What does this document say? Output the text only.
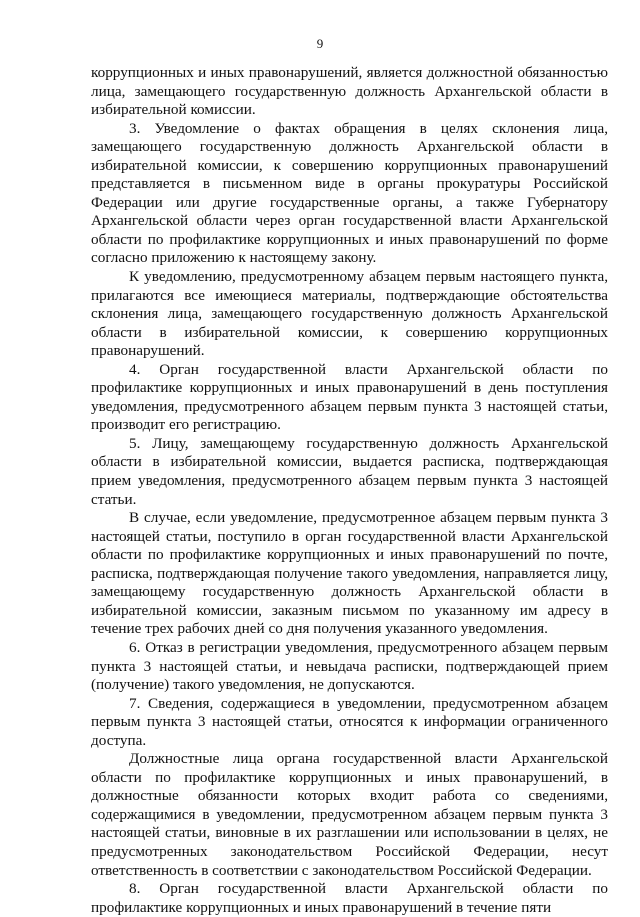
9

коррупционных и иных правонарушений, является должностной обязанностью лица, замещающего государственную должность Архангельской области в избирательной комиссии.

3. Уведомление о фактах обращения в целях склонения лица, замещающего государственную должность Архангельской области в избирательной комиссии, к совершению коррупционных правонарушений представляется в письменном виде в органы прокуратуры Российской Федерации или другие государственные органы, а также Губернатору Архангельской области через орган государственной власти Архангельской области по профилактике коррупционных и иных правонарушений по форме согласно приложению к настоящему закону.

К уведомлению, предусмотренному абзацем первым настоящего пункта, прилагаются все имеющиеся материалы, подтверждающие обстоятельства склонения лица, замещающего государственную должность Архангельской области в избирательной комиссии, к совершению коррупционных правонарушений.

4. Орган государственной власти Архангельской области по профилактике коррупционных и иных правонарушений в день поступления уведомления, предусмотренного абзацем первым пункта 3 настоящей статьи, производит его регистрацию.

5. Лицу, замещающему государственную должность Архангельской области в избирательной комиссии, выдается расписка, подтверждающая прием уведомления, предусмотренного абзацем первым пункта 3 настоящей статьи.

В случае, если уведомление, предусмотренное абзацем первым пункта 3 настоящей статьи, поступило в орган государственной власти Архангельской области по профилактике коррупционных и иных правонарушений по почте, расписка, подтверждающая получение такого уведомления, направляется лицу, замещающему государственную должность Архангельской области в избирательной комиссии, заказным письмом по указанному им адресу в течение трех рабочих дней со дня получения указанного уведомления.

6. Отказ в регистрации уведомления, предусмотренного абзацем первым пункта 3 настоящей статьи, и невыдача расписки, подтверждающей прием (получение) такого уведомления, не допускаются.

7. Сведения, содержащиеся в уведомлении, предусмотренном абзацем первым пункта 3 настоящей статьи, относятся к информации ограниченного доступа.

Должностные лица органа государственной власти Архангельской области по профилактике коррупционных и иных правонарушений, в должностные обязанности которых входит работа со сведениями, содержащимися в уведомлении, предусмотренном абзацем первым пункта 3 настоящей статьи, виновные в их разглашении или использовании в целях, не предусмотренных законодательством Российской Федерации, несут ответственность в соответствии с законодательством Российской Федерации.

8. Орган государственной власти Архангельской области по профилактике коррупционных и иных правонарушений в течение пяти
